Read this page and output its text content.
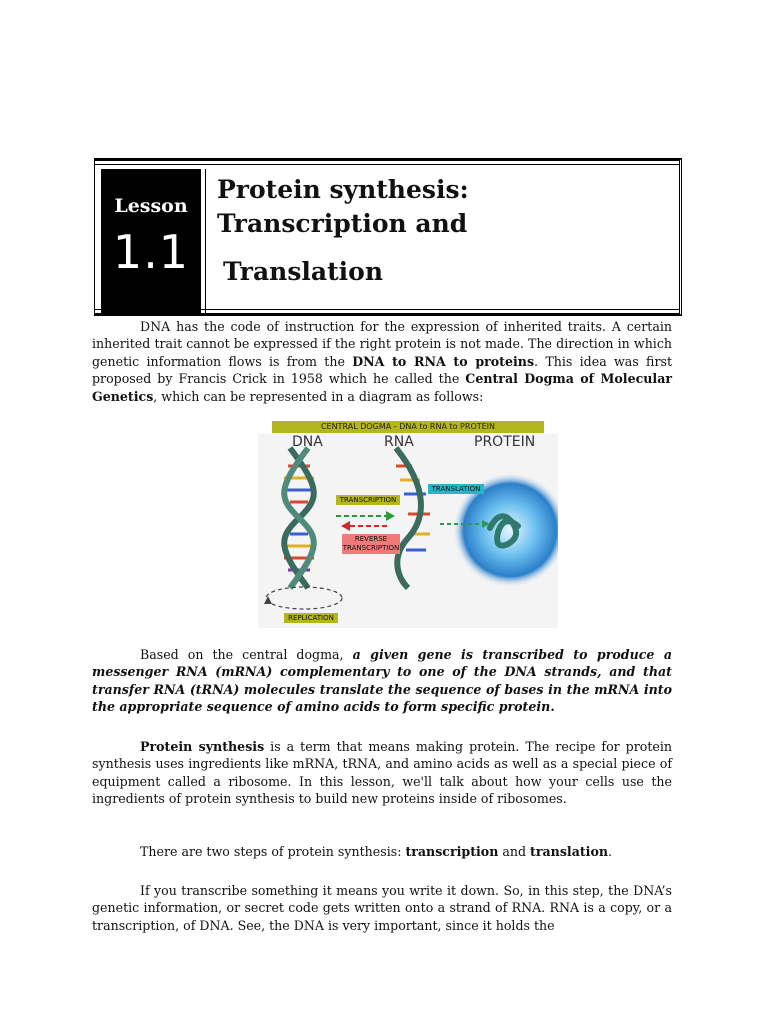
Lesson
1.1
Protein synthesis:
Transcription and
Translation

DNA has the code of instruction for the expression of inherited traits. A certain inherited trait cannot be expressed if the right protein is not made. The direction in which genetic information flows is from the DNA to RNA to proteins. This idea was first proposed by Francis Crick in 1958 which he called the Central Dogma of Molecular Genetics, which can be represented in a diagram as follows:

CENTRAL DOGMA - DNA to RNA to PROTEIN
DNA	RNA	PROTEIN
TRANSCRIPTION
TRANSLATION
REVERSE
TRANSCRIPTION
REPLICATION

Based on the central dogma, a given gene is transcribed to produce a messenger RNA (mRNA) complementary to one of the DNA strands, and that transfer RNA (tRNA) molecules translate the sequence of bases in the mRNA into the appropriate sequence of amino acids to form specific protein.

Protein synthesis is a term that means making protein. The recipe for protein synthesis uses ingredients like mRNA, tRNA, and amino acids as well as a special piece of equipment called a ribosome. In this lesson, we'll talk about how your cells use the ingredients of protein synthesis to build new proteins inside of ribosomes.

There are two steps of protein synthesis: transcription and translation.

If you transcribe something it means you write it down. So, in this step, the DNA’s genetic information, or secret code gets written onto a strand of RNA. RNA is a copy, or a transcription, of DNA. See, the DNA is very important, since it holds the
